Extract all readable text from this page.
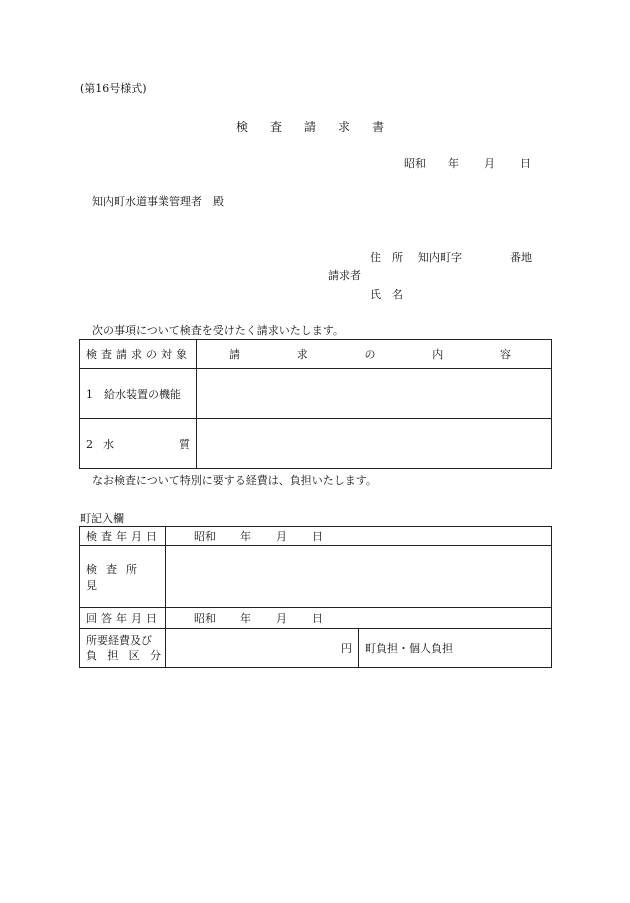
(第16号様式)
検 査 請 求 書
昭和 年 月 日
知内町水道事業管理者　殿
住　所 知内町字	番地
請求者
氏　名
次の事項について検査を受けたく請求いたします。
検査請求の対象	請 求 の 内 容

1　給水装置の機能	

2 水 質	

なお検査について特別に要する経費は、負担いたします。
町記入欄
検査年月日	昭和 年 月 日	
検査所見		
回答年月日	昭和 年 月 日	

所要経費及び
負 担 区 分	円	町負担・個人負担
